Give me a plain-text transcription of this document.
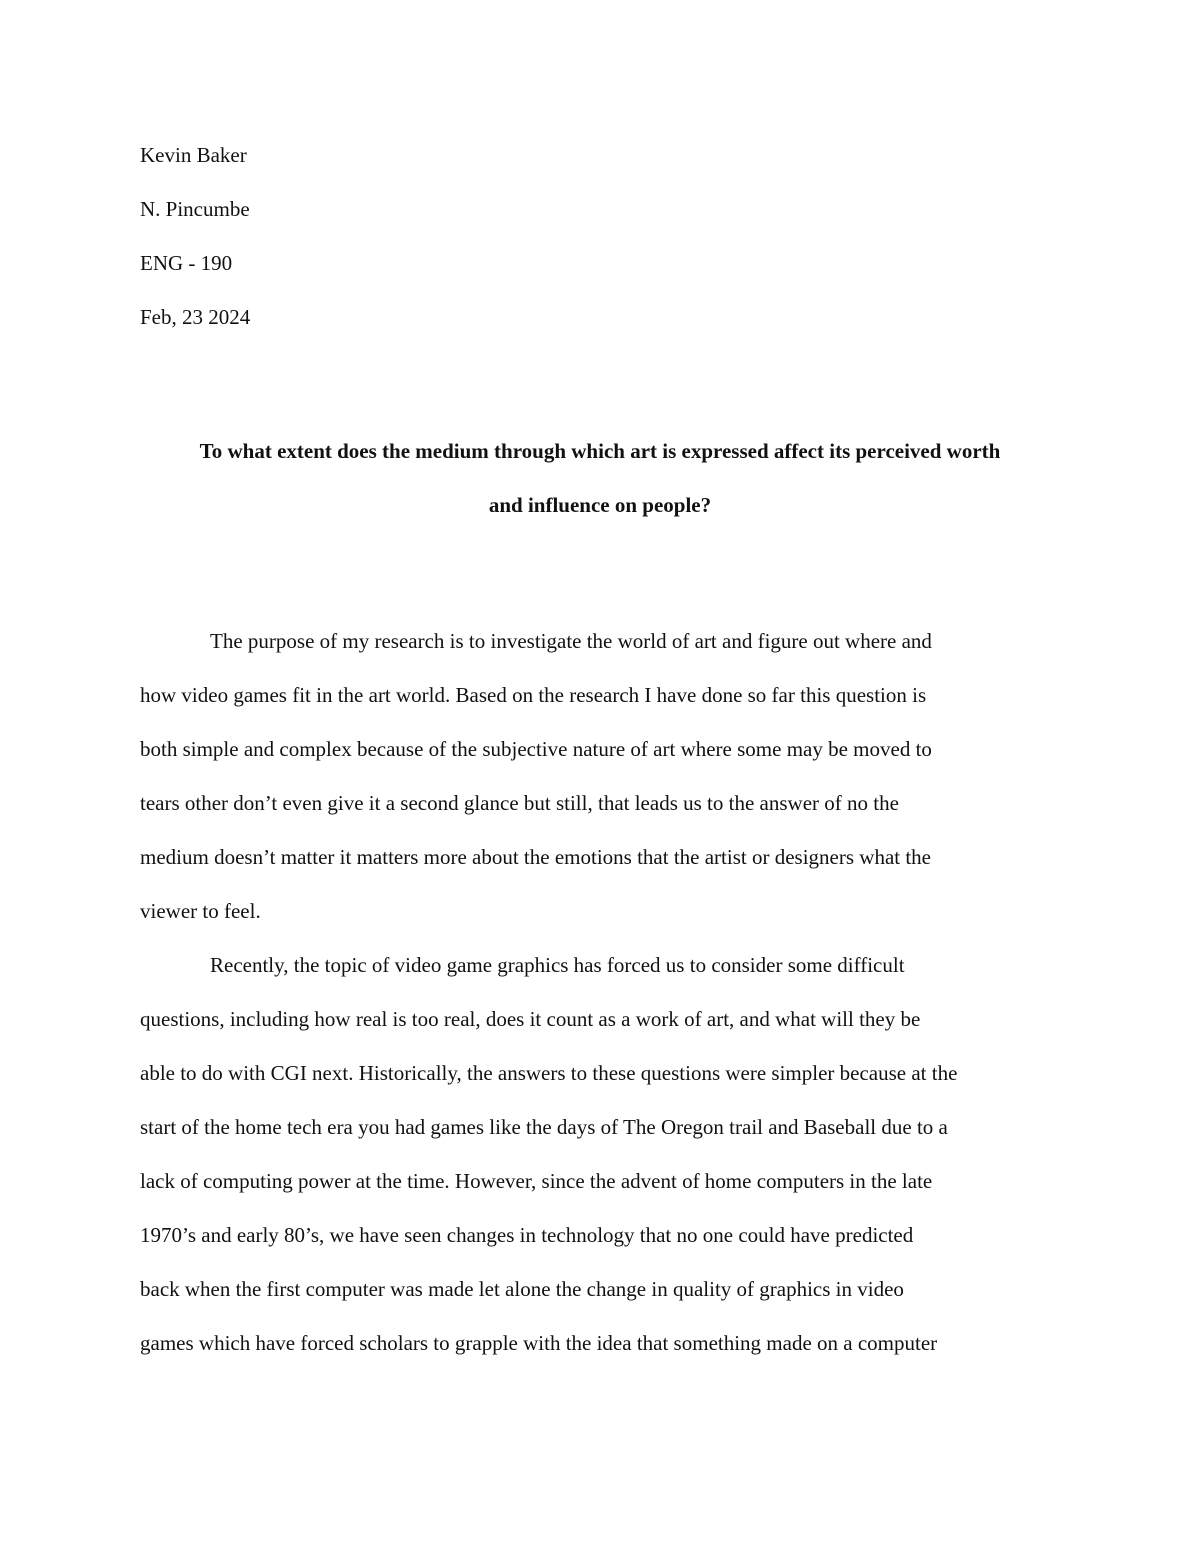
Kevin Baker

N. Pincumbe

ENG - 190

Feb, 23 2024

To what extent does the medium through which art is expressed affect its perceived worth
and influence on people?

The purpose of my research is to investigate the world of art and figure out where and
how video games fit in the art world. Based on the research I have done so far this question is
both simple and complex because of the subjective nature of art where some may be moved to
tears other don’t even give it a second glance but still, that leads us to the answer of no the
medium doesn’t matter it matters more about the emotions that the artist or designers what the
viewer to feel.

Recently, the topic of video game graphics has forced us to consider some difficult
questions, including how real is too real, does it count as a work of art, and what will they be
able to do with CGI next. Historically, the answers to these questions were simpler because at the
start of the home tech era you had games like the days of The Oregon trail and Baseball due to a
lack of computing power at the time. However, since the advent of home computers in the late
1970’s and early 80’s, we have seen changes in technology that no one could have predicted
back when the first computer was made let alone the change in quality of graphics in video
games which have forced scholars to grapple with the idea that something made on a computer
